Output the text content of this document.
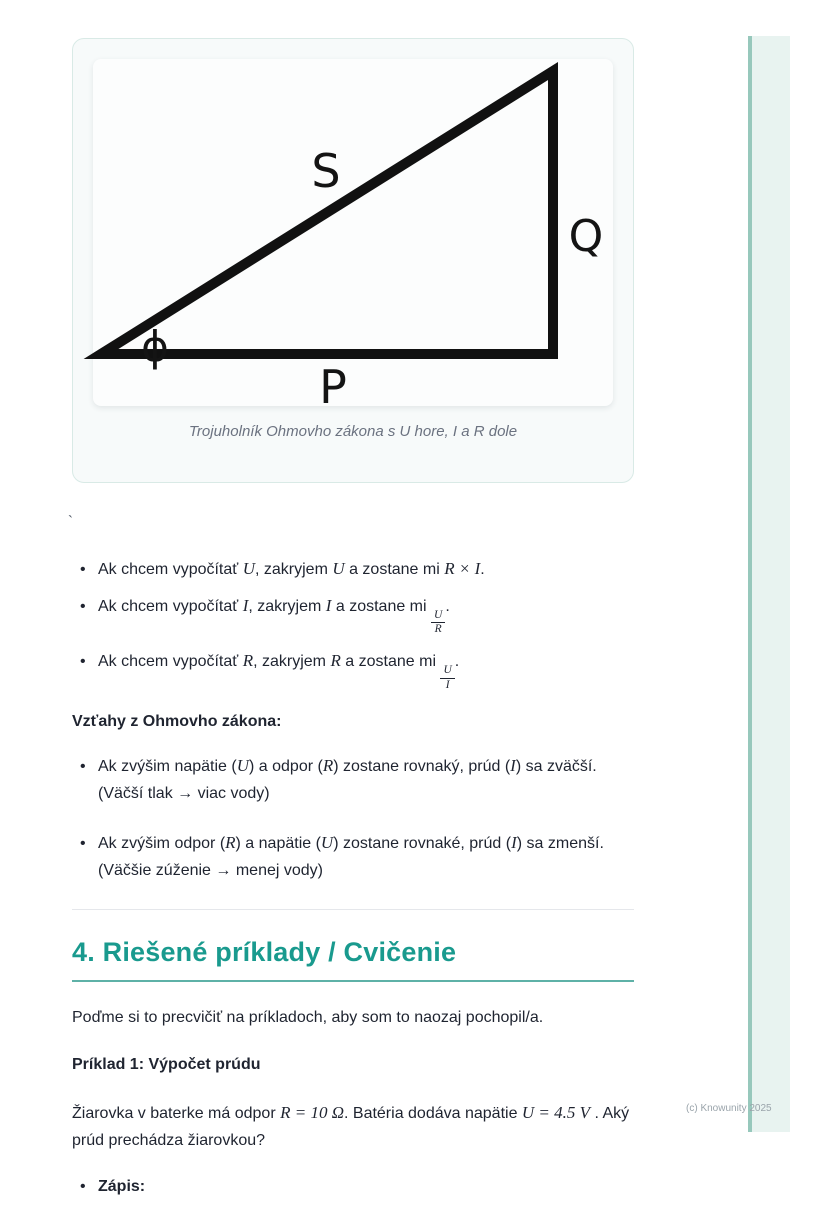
S
Q
P
ϕ
Trojuholník Ohmovho zákona s U hore, I a R dole
`
• Ak chcem vypočítať U, zakryjem U a zostane mi R × I.
• Ak chcem vypočítať I, zakryjem I a zostane mi
$\frac{U}{R}$
.
• Ak chcem vypočítať R, zakryjem R a zostane mi
$\frac{U}{I}$
.
Vzťahy z Ohmovho zákona:
• Ak zvýšim napätie (U) a odpor (R) zostane rovnaký, prúd (I) sa zväčší.
(Väčší tlak → viac vody)
• Ak zvýšim odpor (R) a napätie (U) zostane rovnaké, prúd (I) sa zmenší.
(Väčšie zúženie → menej vody)
4. Riešené príklady / Cvičenie

Poďme si to precvičiť na príkladoch, aby som to naozaj pochopil/a.

Príklad 1: Výpočet prúdu

Žiarovka v baterke má odpor R = 10 Ω. Batéria dodáva napätie U = 4.5 V . Aký prúd prechádza žiarovkou?

• Zápis:
(c) Knowunity 2025
